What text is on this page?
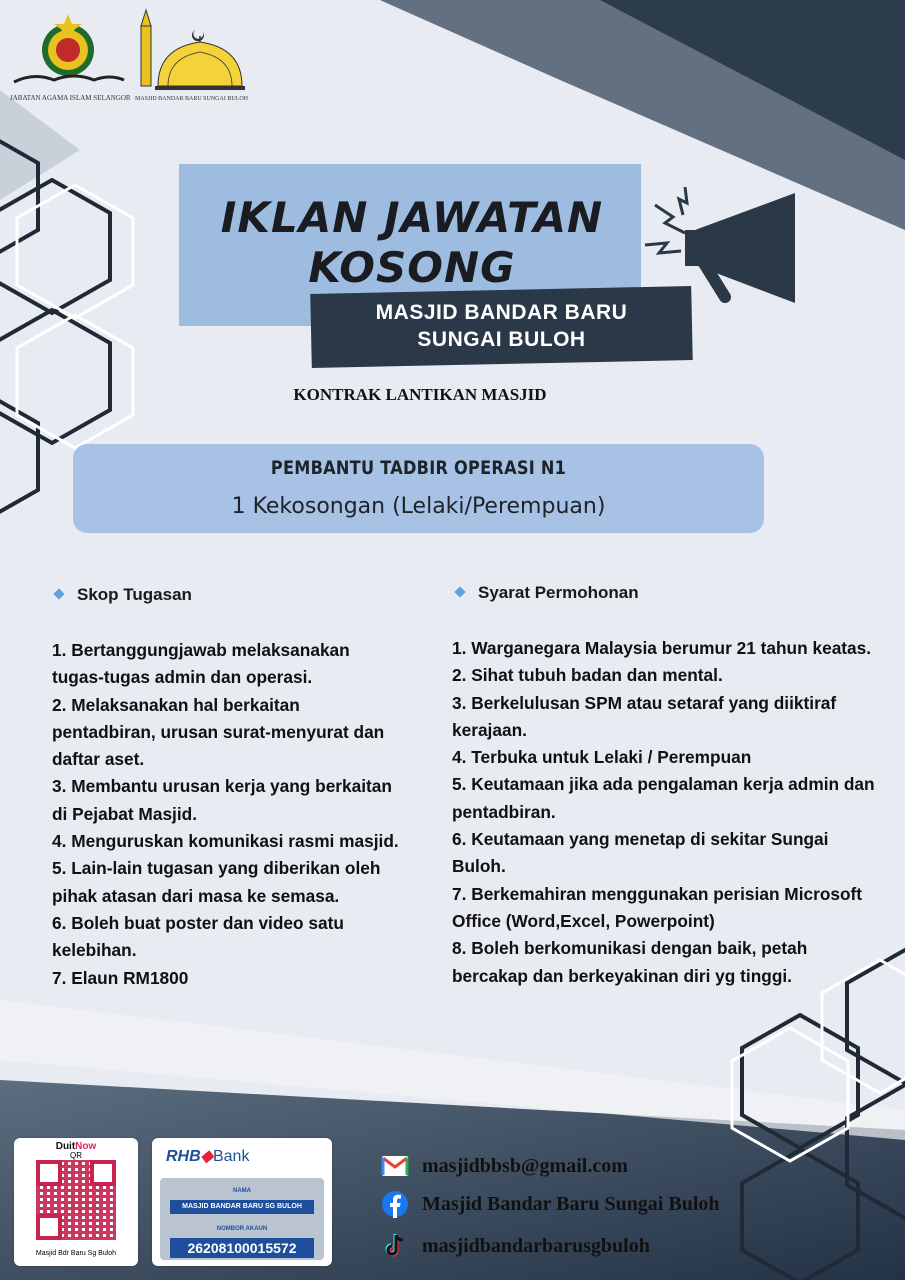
JABATAN AGAMA ISLAM SELANGOR MASJID BANDAR BARU SUNGAI BULOH
IKLAN JAWATAN
KOSONG
MASJID BANDAR BARU
SUNGAI BULOH
KONTRAK LANTIKAN MASJID
PEMBANTU TADBIR OPERASI N1
1 Kekosongan (Lelaki/Perempuan)
Skop Tugasan
1. Bertanggungjawab melaksanakan
tugas-tugas admin dan operasi.
2. Melaksanakan hal berkaitan
pentadbiran, urusan surat-menyurat dan
daftar aset.
3. Membantu urusan kerja yang berkaitan
di Pejabat Masjid.
4. Menguruskan komunikasi rasmi masjid.
5. Lain-lain tugasan yang diberikan oleh
pihak atasan dari masa ke semasa.
6. Boleh buat poster dan video satu
kelebihan.
7. Elaun RM1800
Syarat Permohonan
1. Warganegara Malaysia berumur 21 tahun keatas.
2. Sihat tubuh badan dan mental.
3. Berkelulusan SPM atau setaraf yang diiktiraf
kerajaan.
4. Terbuka untuk Lelaki / Perempuan
5. Keutamaan jika ada pengalaman kerja admin dan
pentadbiran.
6. Keutamaan yang menetap di sekitar Sungai
Buloh.
7. Berkemahiran menggunakan perisian Microsoft
Office (Word,Excel, Powerpoint)
8. Boleh berkomunikasi dengan baik, petah
bercakap dan berkeyakinan diri yg tinggi.
DuitNow
QR
Masjid Bdr Baru Sg Buloh
RHB◆Bank
NAMA
MASJID BANDAR BARU SG BULOH
NOMBOR AKAUN
26208100015572
masjidbbsb@gmail.com
Masjid Bandar Baru Sungai Buloh
masjidbandarbarusgbuloh
